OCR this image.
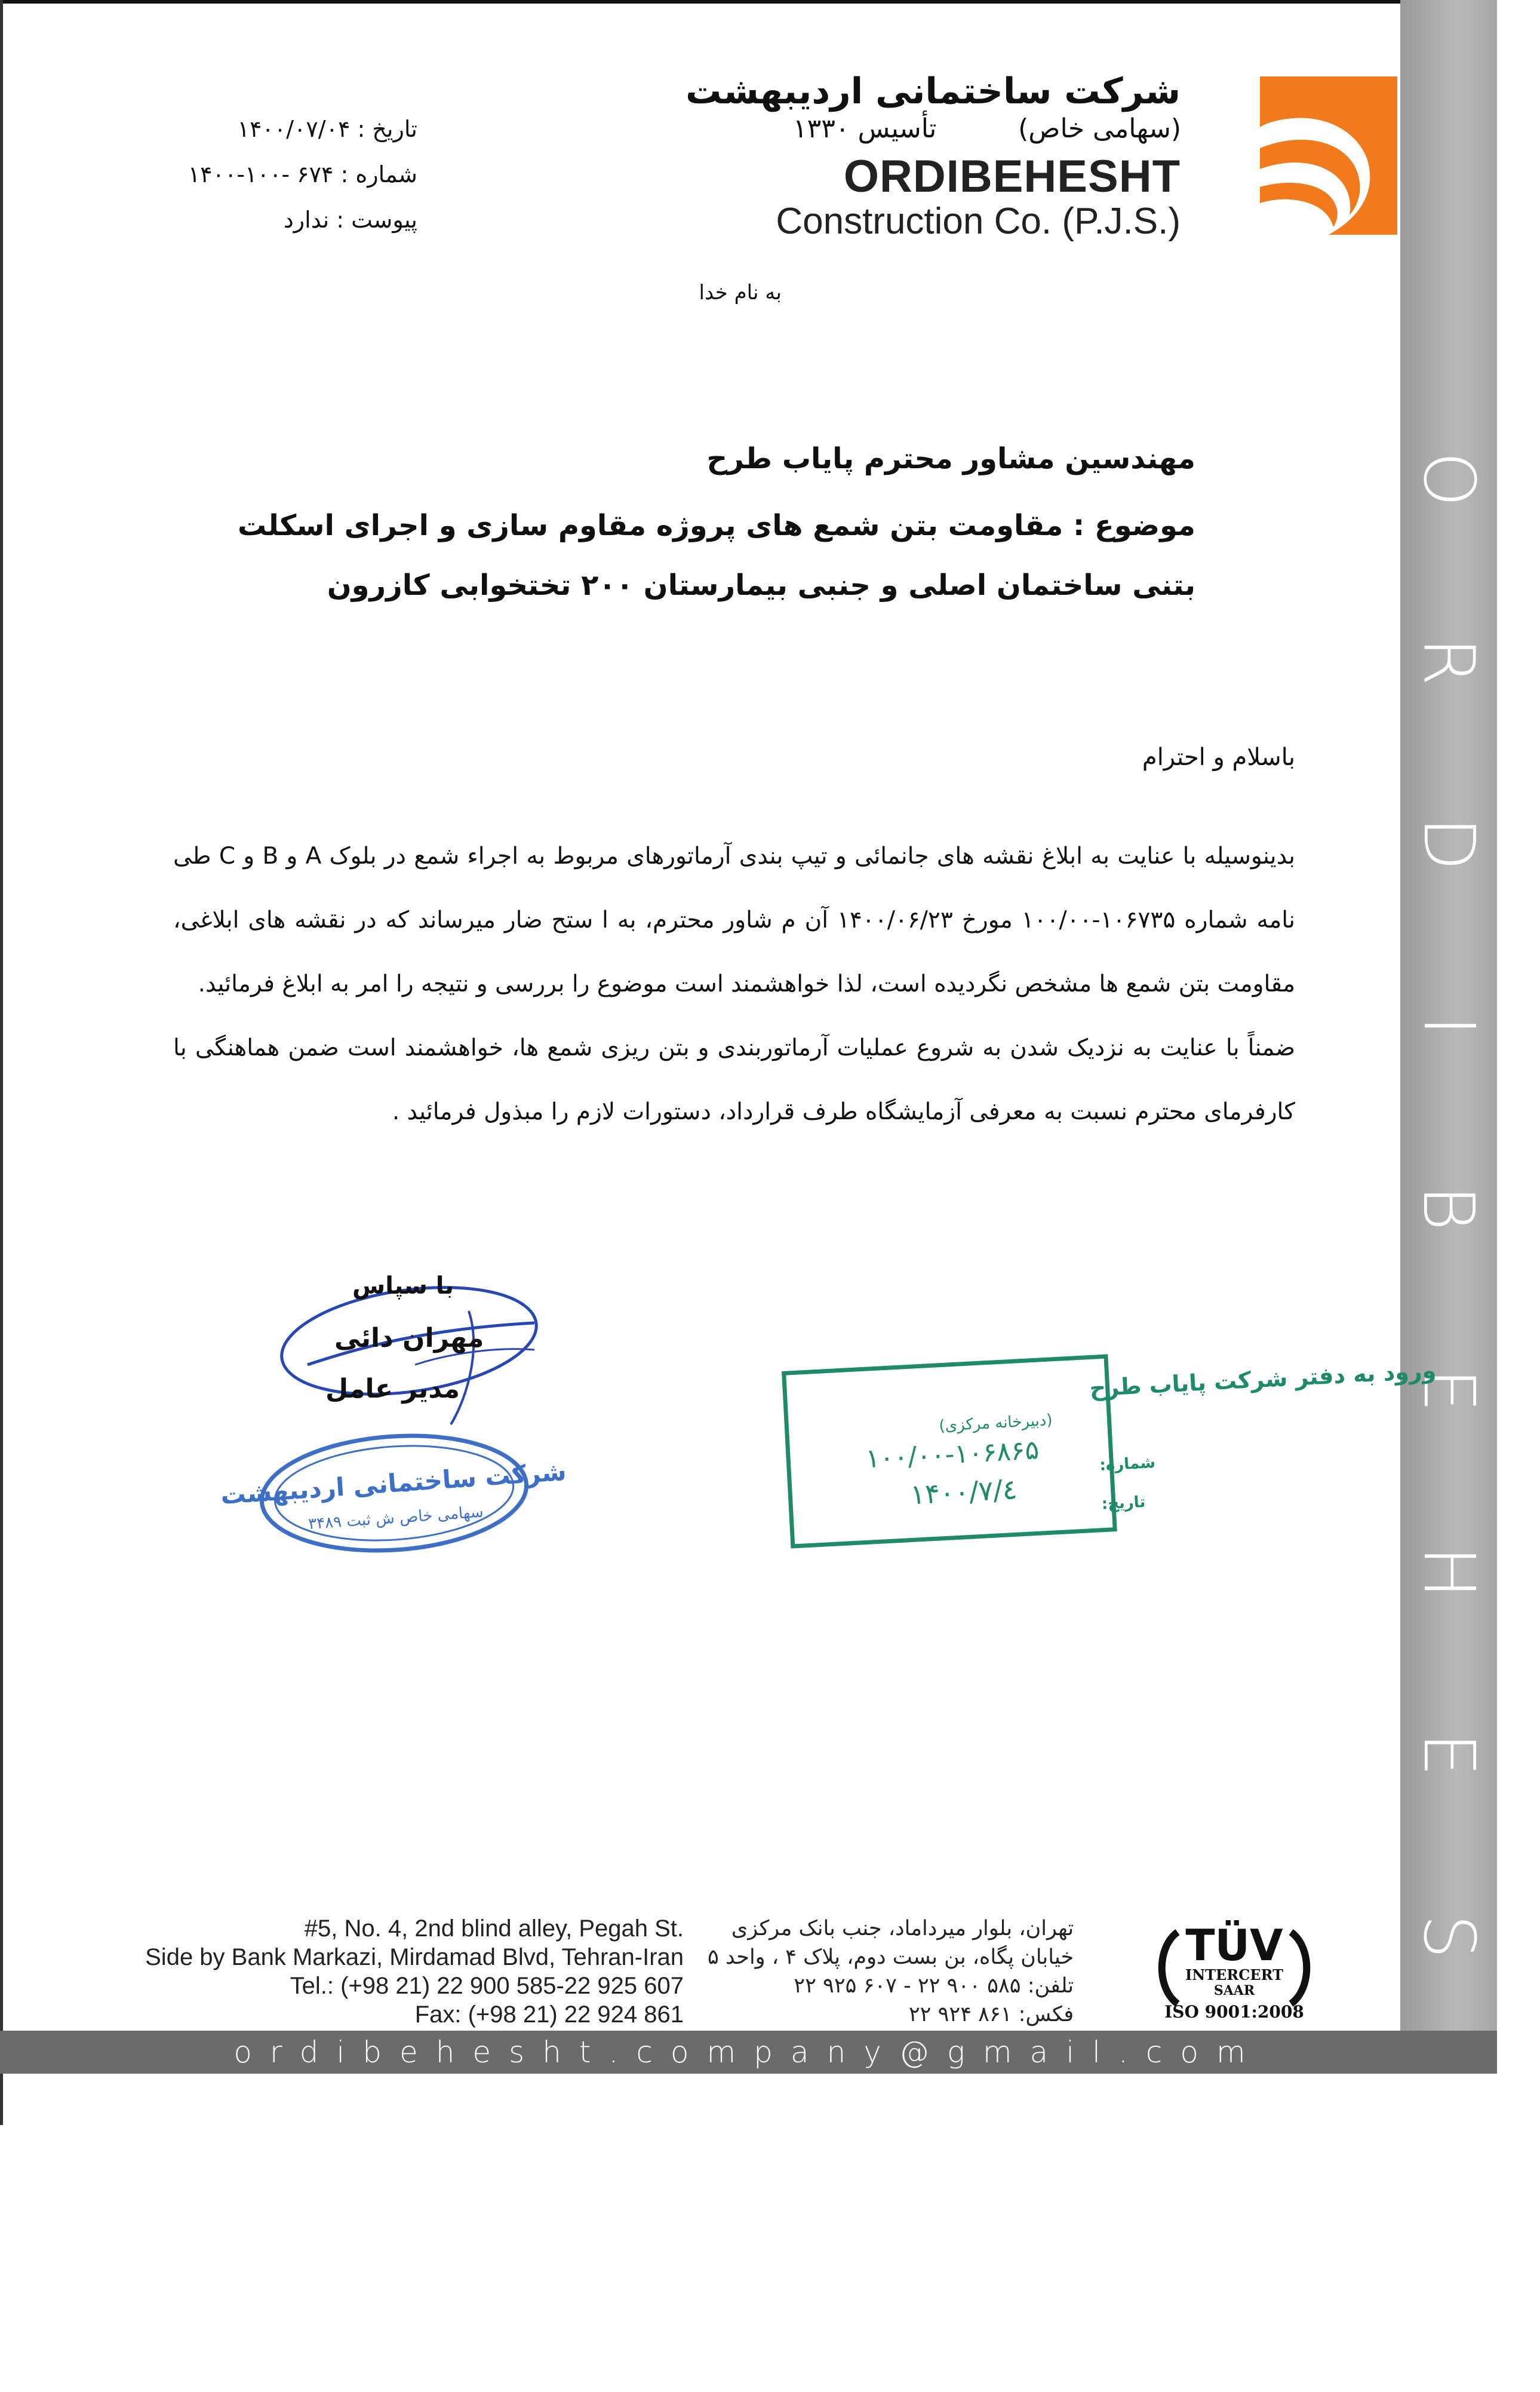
O
R
D
I
B
E
H
E
S
H
T
شرکت ساختمانی اردیبهشت
(سهامی خاص)
تأسیس ۱۳۳۰
ORDIBEHESHT
Construction Co. (P.J.S.)
تاریخ : ۱۴۰۰/۰۷/۰۴
شماره : ۶۷۴ -۱۰۰-۱۴۰۰
پیوست : ندارد
به نام خدا
مهندسین مشاور محترم پایاب طرح
موضوع : مقاومت بتن شمع های پروژه مقاوم سازی و اجرای اسکلت بتنی ساختمان اصلی و جنبی بیمارستان ۲۰۰ تختخوابی کازرون
باسلام و احترام

بدینوسیله با عنایت به ابلاغ نقشه های جانمائی و تیپ بندی آرماتورهای مربوط به اجراء شمع در بلوک A و B و C طی نامه شماره ۱۰۶۷۳۵-۱۰۰/۰۰ مورخ ۱۴۰۰/۰۶/۲۳ آن م شاور محترم، به ا ستح ضار میرساند که در نقشه های ابلاغی، مقاومت بتن شمع ها مشخص نگردیده است، لذا خواهشمند است موضوع را بررسی و نتیجه را امر به ابلاغ فرمائید.

ضمناً با عنایت به نزدیک شدن به شروع عملیات آرماتوربندی و بتن ریزی شمع ها، خواهشمند است ضمن هماهنگی با کارفرمای محترم نسبت به معرفی آزمایشگاه طرف قرارداد، دستورات لازم را مبذول فرمائید .

با سپاس
مهران دائی
مدیر عامل
شرکت ساختمانی اردیبهشت
سهامی خاص ش ثبت ۳۴۸۹
ورود به دفتر شرکت پایاب طرح
(دبیرخانه مرکزی)
شماره:
۱۰۰/۰۰-۱۰۶۸۶۵
تاریخ:
۱۴۰۰/۷/٤
#5, No. 4, 2nd blind alley, Pegah St.
Side by Bank Markazi, Mirdamad Blvd, Tehran-Iran
Tel.: (+98 21) 22 900 585-22 925 607
Fax: (+98 21) 22 924 861
تهران، بلوار میرداماد، جنب بانک مرکزی
خیابان پگاه، بن بست دوم، پلاک ۴ ، واحد ۵
تلفن: ۵۸۵ ۹۰۰ ۲۲ - ۶۰۷ ۹۲۵ ۲۲
فکس: ۸۶۱ ۹۲۴ ۲۲
TÜV
INTERCERT
SAAR
ISO 9001:2008
ordibehesht.company@gmail.com
